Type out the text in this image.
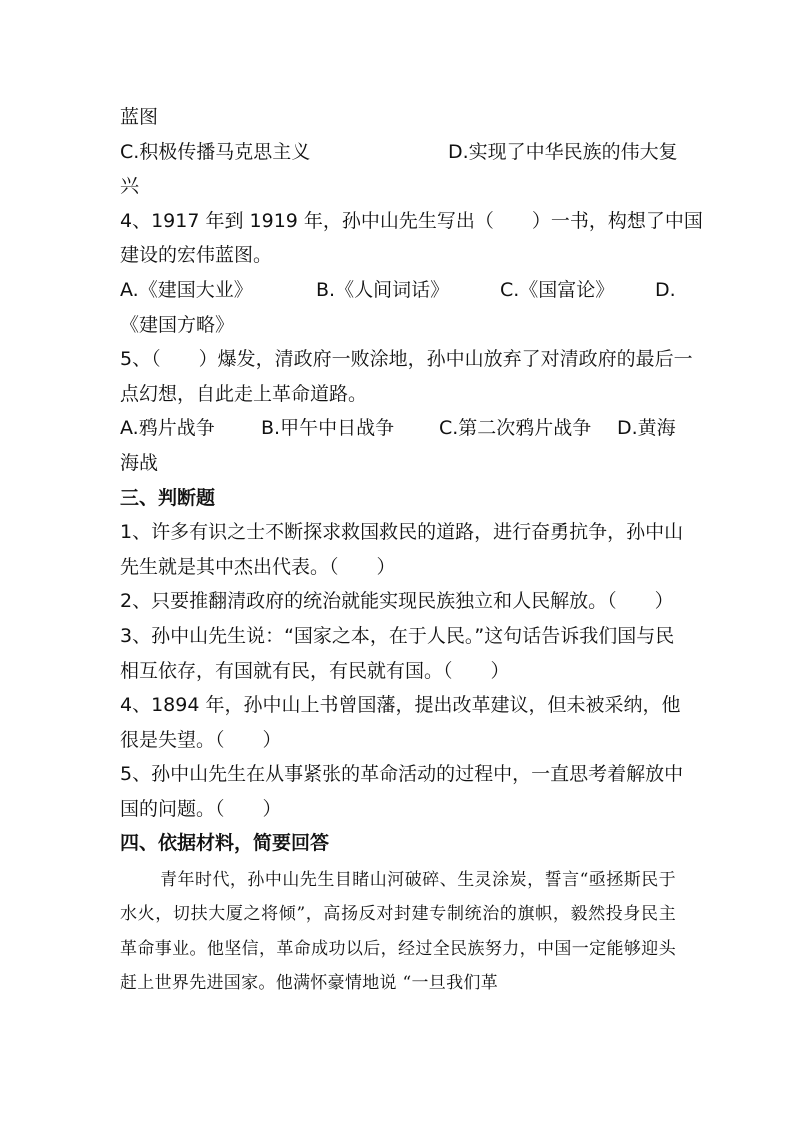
蓝图
C.积极传播马克思主义	D.实现了中华民族的伟大复
兴
4、1917 年到 1919 年，孙中山先生写出（　　）一书，构想了中国
建设的宏伟蓝图。
A.《建国大业》	B.《人间词话》	C.《国富论》 D.
《建国方略》
5、（　　）爆发，清政府一败涂地，孙中山放弃了对清政府的最后一
点幻想，自此走上革命道路。
A.鸦片战争 B.甲午中日战争 C.第二次鸦片战争 D.黄海
海战
三、判断题
1、许多有识之士不断探求救国救民的道路，进行奋勇抗争，孙中山
先生就是其中杰出代表。（　　）
2、只要推翻清政府的统治就能实现民族独立和人民解放。（　　）
3、孙中山先生说：“国家之本，在于人民。”这句话告诉我们国与民
相互依存，有国就有民，有民就有国。（　　）
4、1894 年，孙中山上书曾国藩，提出改革建议，但未被采纳，他
很是失望。（　　）
5、孙中山先生在从事紧张的革命活动的过程中，一直思考着解放中
国的问题。（　　）
四、依据材料，简要回答
青年时代，孙中山先生目睹山河破碎、生灵涂炭，誓言“亟拯斯民于水火，切扶大厦之将倾”，高扬反对封建专制统治的旗帜，毅然投身民主革命事业。他坚信，革命成功以后，经过全民族努力，中国一定能够迎头赶上世界先进国家。他满怀豪情地说 “一旦我们革
